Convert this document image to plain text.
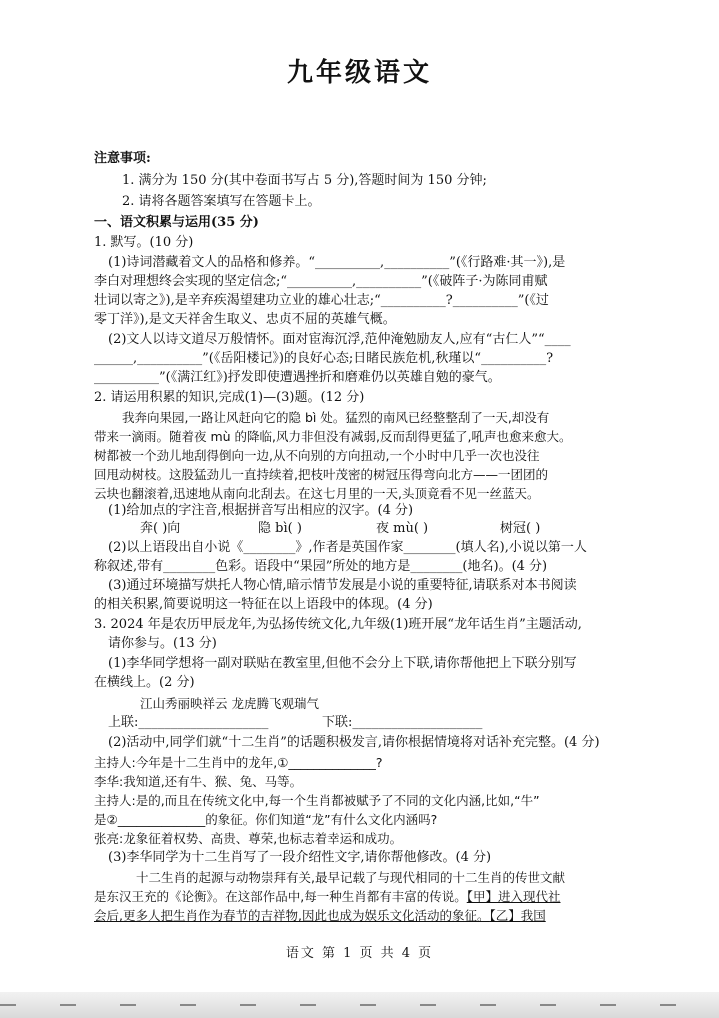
九年级语文
注意事项:
1. 满分为 150 分(其中卷面书写占 5 分),答题时间为 150 分钟;
2. 请将各题答案填写在答题卡上。
一、语文积累与运用(35 分)
1. 默写。(10 分)
(1)诗词潜藏着文人的品格和修养。“__________,__________”(《行路难·其一》),是
李白对理想终会实现的坚定信念;“__________,__________”(《破阵子·为陈同甫赋
壮词以寄之》),是辛弃疾渴望建功立业的雄心壮志;“__________?__________”(《过
零丁洋》),是文天祥舍生取义、忠贞不屈的英雄气概。
(2)文人以诗文道尽万般情怀。面对宦海沉浮,范仲淹勉励友人,应有“古仁人”“____
______,__________”(《岳阳楼记》)的良好心态;日睹民族危机,秋瑾以“__________?
__________”(《满江红》)抒发即使遭遇挫折和磨难仍以英雄自勉的豪气。
2. 请运用积累的知识,完成(1)—(3)题。(12 分)
我奔向果园,一路让风赶向它的隐 bì 处。猛烈的南风已经整整刮了一天,却没有
带来一滴雨。随着夜 mù 的降临,风力非但没有减弱,反而刮得更猛了,吼声也愈来愈大。
树都被一个劲儿地刮得倒向一边,从不向别的方向扭动,一个小时中几乎一次也没往
回甩动树枝。这股猛劲儿一直持续着,把枝叶茂密的树冠压得弯向北方——一团团的
云块也翻滚着,迅速地从南向北刮去。在这七月里的一天,头顶竟看不见一丝蓝天。
(1)给加点的字注音,根据拼音写出相应的汉字。(4 分)
奔( )向	隐 bì( )	夜 mù( )	树冠( )
(2)以上语段出自小说《________》,作者是英国作家________(填人名),小说以第一人
称叙述,带有________色彩。语段中“果园”所处的地方是________(地名)。(4 分)
(3)通过环境描写烘托人物心情,暗示情节发展是小说的重要特征,请联系对本书阅读
的相关积累,简要说明这一特征在以上语段中的体现。(4 分)
3. 2024 年是农历甲辰龙年,为弘扬传统文化,九年级(1)班开展“龙年话生肖”主题活动,
请你参与。(13 分)
(1)李华同学想将一副对联贴在教室里,但他不会分上下联,请你帮他把上下联分别写
在横线上。(2 分)
江山秀丽映祥云 龙虎腾飞观瑞气
上联:____________________	下联:____________________
(2)活动中,同学们就“十二生肖”的话题积极发言,请你根据情境将对话补充完整。(4 分)
主持人:今年是十二生肖中的龙年,①______________?
李华:我知道,还有牛、猴、兔、马等。
主持人:是的,而且在传统文化中,每一个生肖都被赋予了不同的文化内涵,比如,“牛”
是②______________的象征。你们知道“龙”有什么文化内涵吗?
张亮:龙象征着权势、高贵、尊荣,也标志着幸运和成功。
(3)李华同学为十二生肖写了一段介绍性文字,请你帮他修改。(4 分)
十二生肖的起源与动物崇拜有关,最早记载了与现代相同的十二生肖的传世文献
是东汉王充的《论衡》。在这部作品中,每一种生肖都有丰富的传说。【甲】进入现代社
会后,更多人把生肖作为春节的吉祥物,因此也成为娱乐文化活动的象征。【乙】我国
语文 第 1 页 共 4 页
